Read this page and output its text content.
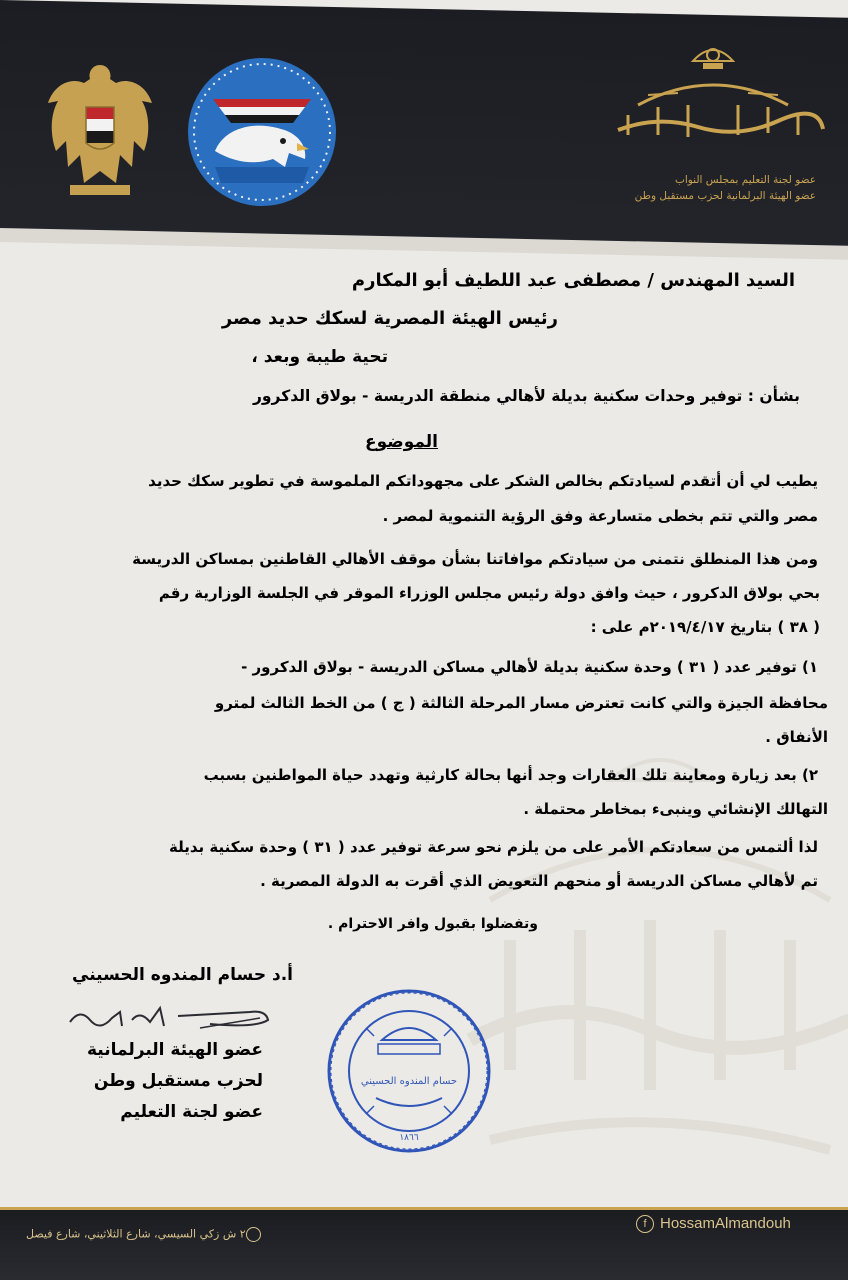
عضو لجنة التعليم بمجلس النواب
عضو الهيئة البرلمانية لحزب مستقبل وطن
السيد المهندس / مصطفى عبد اللطيف أبو المكارم
رئيس الهيئة المصرية لسكك حديد مصر
تحية طيبة وبعد ،
بشأن : توفير وحدات سكنية بديلة لأهالي منطقة الدريسة - بولاق الدكرور
الموضوع
يطيب لي أن أتقدم لسيادتكم بخالص الشكر على مجهوداتكم الملموسة في تطوير سكك حديد
مصر والتي تتم بخطى متسارعة وفق الرؤية التنموية لمصر .
ومن هذا المنطلق نتمنى من سيادتكم موافاتنا بشأن موقف الأهالي القاطنين بمساكن الدريسة
بحي بولاق الدكرور ، حيث وافق دولة رئيس مجلس الوزراء الموقر في الجلسة الوزارية رقم
( ٣٨ ) بتاريخ ٢٠١٩/٤/١٧م على :
١) توفير عدد ( ٣١ ) وحدة سكنية بديلة لأهالي مساكن الدريسة - بولاق الدكرور -
محافظة الجيزة والتي كانت تعترض مسار المرحلة الثالثة ( ج ) من الخط الثالث لمترو
الأنفاق .
٢) بعد زيارة ومعاينة تلك العقارات وجد أنها بحالة كارثية وتهدد حياة المواطنين بسبب
التهالك الإنشائي وينبىء بمخاطر محتملة .
لذا ألتمس من سعادتكم الأمر على من يلزم نحو سرعة توفير عدد ( ٣١ ) وحدة سكنية بديلة
تم لأهالي مساكن الدريسة أو منحهم التعويض الذي أقرت به الدولة المصرية .
وتفضلوا بقبول وافر الاحترام .
أ.د حسام المندوه الحسيني
عضو الهيئة البرلمانية
لحزب مستقبل وطن
عضو لجنة التعليم
حسام المندوه الحسيني
١٨٦٦
f HossamAlmandouh
٢ ش زكي السيسي، شارع الثلاثيني، شارع فيصل
